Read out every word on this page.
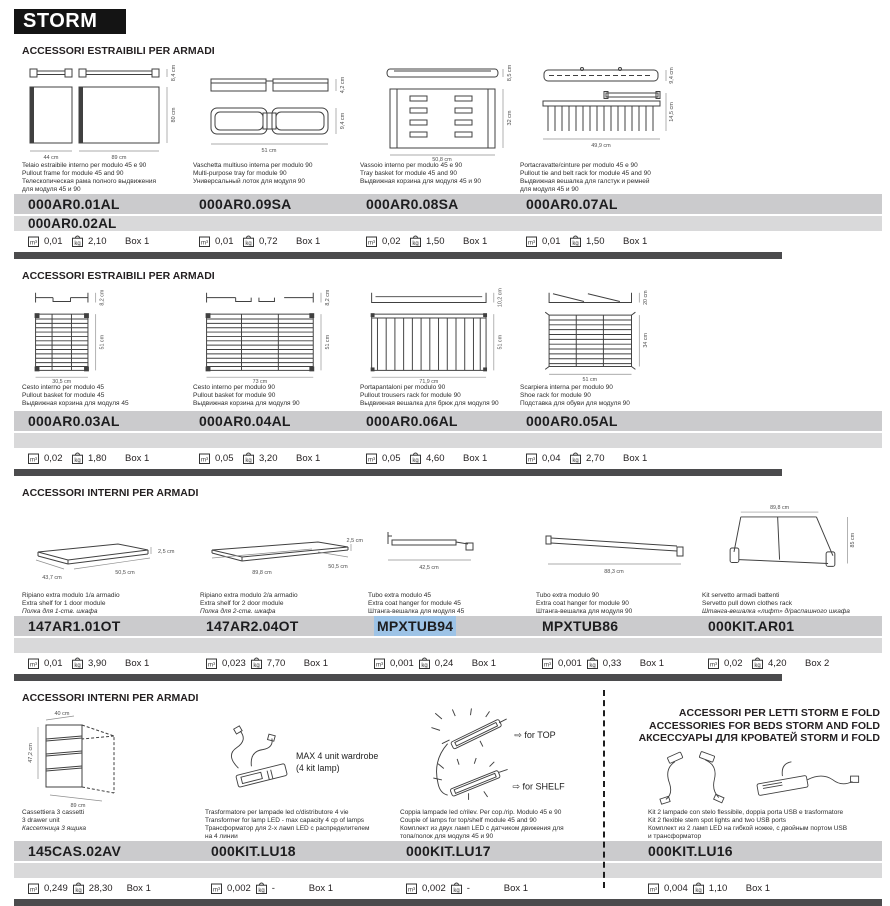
STORM
ACCESSORI ESTRAIBILI PER ARMADI
8,4 cm
80 cm
44 cm	89 cm
Telaio estraibile interno per modulo 45 e 90
Pullout frame for module 45 and 90
Телескопическая рама полного выдвижения
для модуля 45 и 90
4,2 cm
9,4 cm
51 cm
Vaschetta multiuso interna per modulo 90
Multi-purpose tray for module 90
Универсальный лоток для модуля 90
8,5 cm
32 cm
50,8 cm
Vassoio interno per modulo 45 e 90
Tray basket for module 45 and 90
Выдвижная корзина для модуля 45 и 90
9,4 cm
14,5 cm
49,9 cm
Portacravatte/cinture per modulo 45 e 90
Pullout tie and belt rack for module 45 and 90
Выдвижная вешалка для галстук и ремней
для модуля 45 и 90
000AR0.01AL	000AR0.09SA	000AR0.08SA	000AR0.07AL
000AR0.02AL
m³ 0,01	kg 2,10	Box 1	m³ 0,01	kg 0,72	Box 1	m³ 0,02	kg 1,50	Box 1	m³ 0,01	kg 1,50	Box 1
ACCESSORI ESTRAIBILI PER ARMADI
8,2 cm
51 cm
30,5 cm
Cesto interno per modulo 45
Pullout basket for module 45
Выдвижная корзина для модуля 45
8,2 cm
51 cm
73 cm
Cesto interno per modulo 90
Pullout basket for module 90
Выдвижная корзина для модуля 90
10,2 cm
51 cm
71,9 cm
Portapantaloni per modulo 90
Pullout trousers rack for module 90
Выдвижная вешалка для брюк для модуля 90
20 cm
34 cm
51 cm
Scarpiera interna per modulo 90
Shoe rack for module 90
Подставка для обуви для модуля 90
000AR0.03AL	000AR0.04AL	000AR0.06AL	000AR0.05AL
m³ 0,02	kg 1,80	Box 1	m³ 0,05	kg 3,20	Box 1	m³ 0,05	kg 4,60	Box 1	m³ 0,04	kg 2,70	Box 1
ACCESSORI INTERNI PER ARMADI
2,5 cm
43,7 cm
50,5 cm
Ripiano extra modulo 1/a armadio
Extra shelf for 1 door module
Полка для 1-ств. шкафа
2,5 cm
89,8 cm
50,5 cm
Ripiano extra modulo 2/a armadio
Extra shelf for 2 door module
Полка для 2-ств. шкафа
42,5 cm
Tubo extra modulo 45
Extra coat hanger for module 45
Штанга-вешалка для модуля 45
88,3 cm
Tubo extra modulo 90
Extra coat hanger for module 90
Штанга-вешалка для модуля 90
89,8 cm
85 cm
Kit servetto armadi battenti
Servetto pull down clothes rack
Штанга-вешалка «лифт» д/распашного шкафа
147AR1.01OT	147AR2.04OT	MPXTUB94	MPXTUB86	000KIT.AR01
m³ 0,01	kg 3,90	Box 1	m³ 0,023 kg 7,70	Box 1	m³ 0,001 kg 0,24	Box 1	m³ 0,001 kg 0,33	Box 1	m³ 0,02	kg 4,20	Box 2
ACCESSORI INTERNI PER ARMADI
40 cm
47,2 cm
89 cm
Cassettiera 3 cassetti
3 drawer unit
Кассетница 3 ящика
MAX 4 unit wardrobe
(4 kit lamp)
Trasformatore per lampade led c/distributore 4 vie
Transformer for lamp LED - max capacity 4 cp of lamps
Трансформатор для 2-х ламп LED с распределителем
на 4 линии
⇨ for TOP
⇨ for SHELF
Coppia lampade led c/rilev. Per cop./rip. Modulo 45 e 90
Couple of lamps for top/shelf module 45 and 90
Комплект из двух ламп LED с датчиком движения для
топа/полок для модуля 45 и 90
ACCESSORI PER LETTI STORM E FOLD
ACCESSORIES FOR BEDS STORM AND FOLD
АКСЕССУАРЫ ДЛЯ КРОВАТЕЙ STORM И FOLD
Kit 2 lampade con stelo flessibile, doppia porta USB e trasformatore
Kit 2 flexible stem spot lights and two USB ports
Комплект из 2 ламп LED на гибкой ножке, с двойным портом USB
и трансформатор
145CAS.02AV	000KIT.LU18	000KIT.LU17	000KIT.LU16
m³ 0,249 kg 28,30 Box 1	m³ 0,002 kg -	Box 1	m³ 0,002 kg -	Box 1	m³ 0,004 kg 1,10	Box 1
